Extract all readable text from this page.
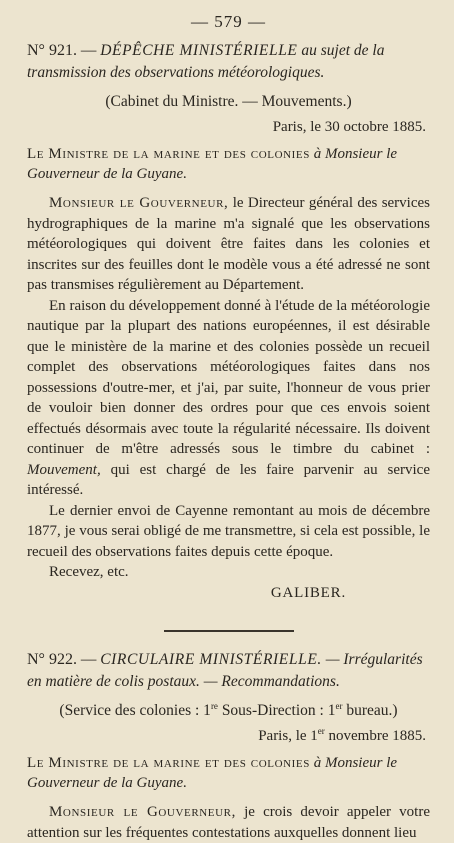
— 579 —

N° 921. — DÉPÊCHE MINISTÉRIELLE au sujet de la transmission des observations météorologiques.

(Cabinet du Ministre. — Mouvements.)

Paris, le 30 octobre 1885.

Le Ministre de la marine et des colonies à Monsieur le Gouverneur de la Guyane.

Monsieur le Gouverneur, le Directeur général des services hydrographiques de la marine m'a signalé que les observations météorologiques qui doivent être faites dans les colonies et inscrites sur des feuilles dont le modèle vous a été adressé ne sont pas transmises régulièrement au Département.

En raison du développement donné à l'étude de la météorologie nautique par la plupart des nations européennes, il est désirable que le ministère de la marine et des colonies possède un recueil complet des observations météorologiques faites dans nos possessions d'outre-mer, et j'ai, par suite, l'honneur de vous prier de vouloir bien donner des ordres pour que ces envois soient effectués désormais avec toute la régularité nécessaire. Ils doivent continuer de m'être adressés sous le timbre du cabinet : Mouvement, qui est chargé de les faire parvenir au service intéressé.

Le dernier envoi de Cayenne remontant au mois de décembre 1877, je vous serai obligé de me transmettre, si cela est possible, le recueil des observations faites depuis cette époque.

Recevez, etc.

GALIBER.

N° 922. — CIRCULAIRE MINISTÉRIELLE. — Irrégularités en matière de colis postaux. — Recommandations.

(Service des colonies : 1re Sous-Direction : 1er bureau.)

Paris, le 1er novembre 1885.

Le Ministre de la marine et des colonies à Monsieur le Gouverneur de la Guyane.

Monsieur le Gouverneur, je crois devoir appeler votre attention sur les fréquentes contestations auxquelles donnent lieu
